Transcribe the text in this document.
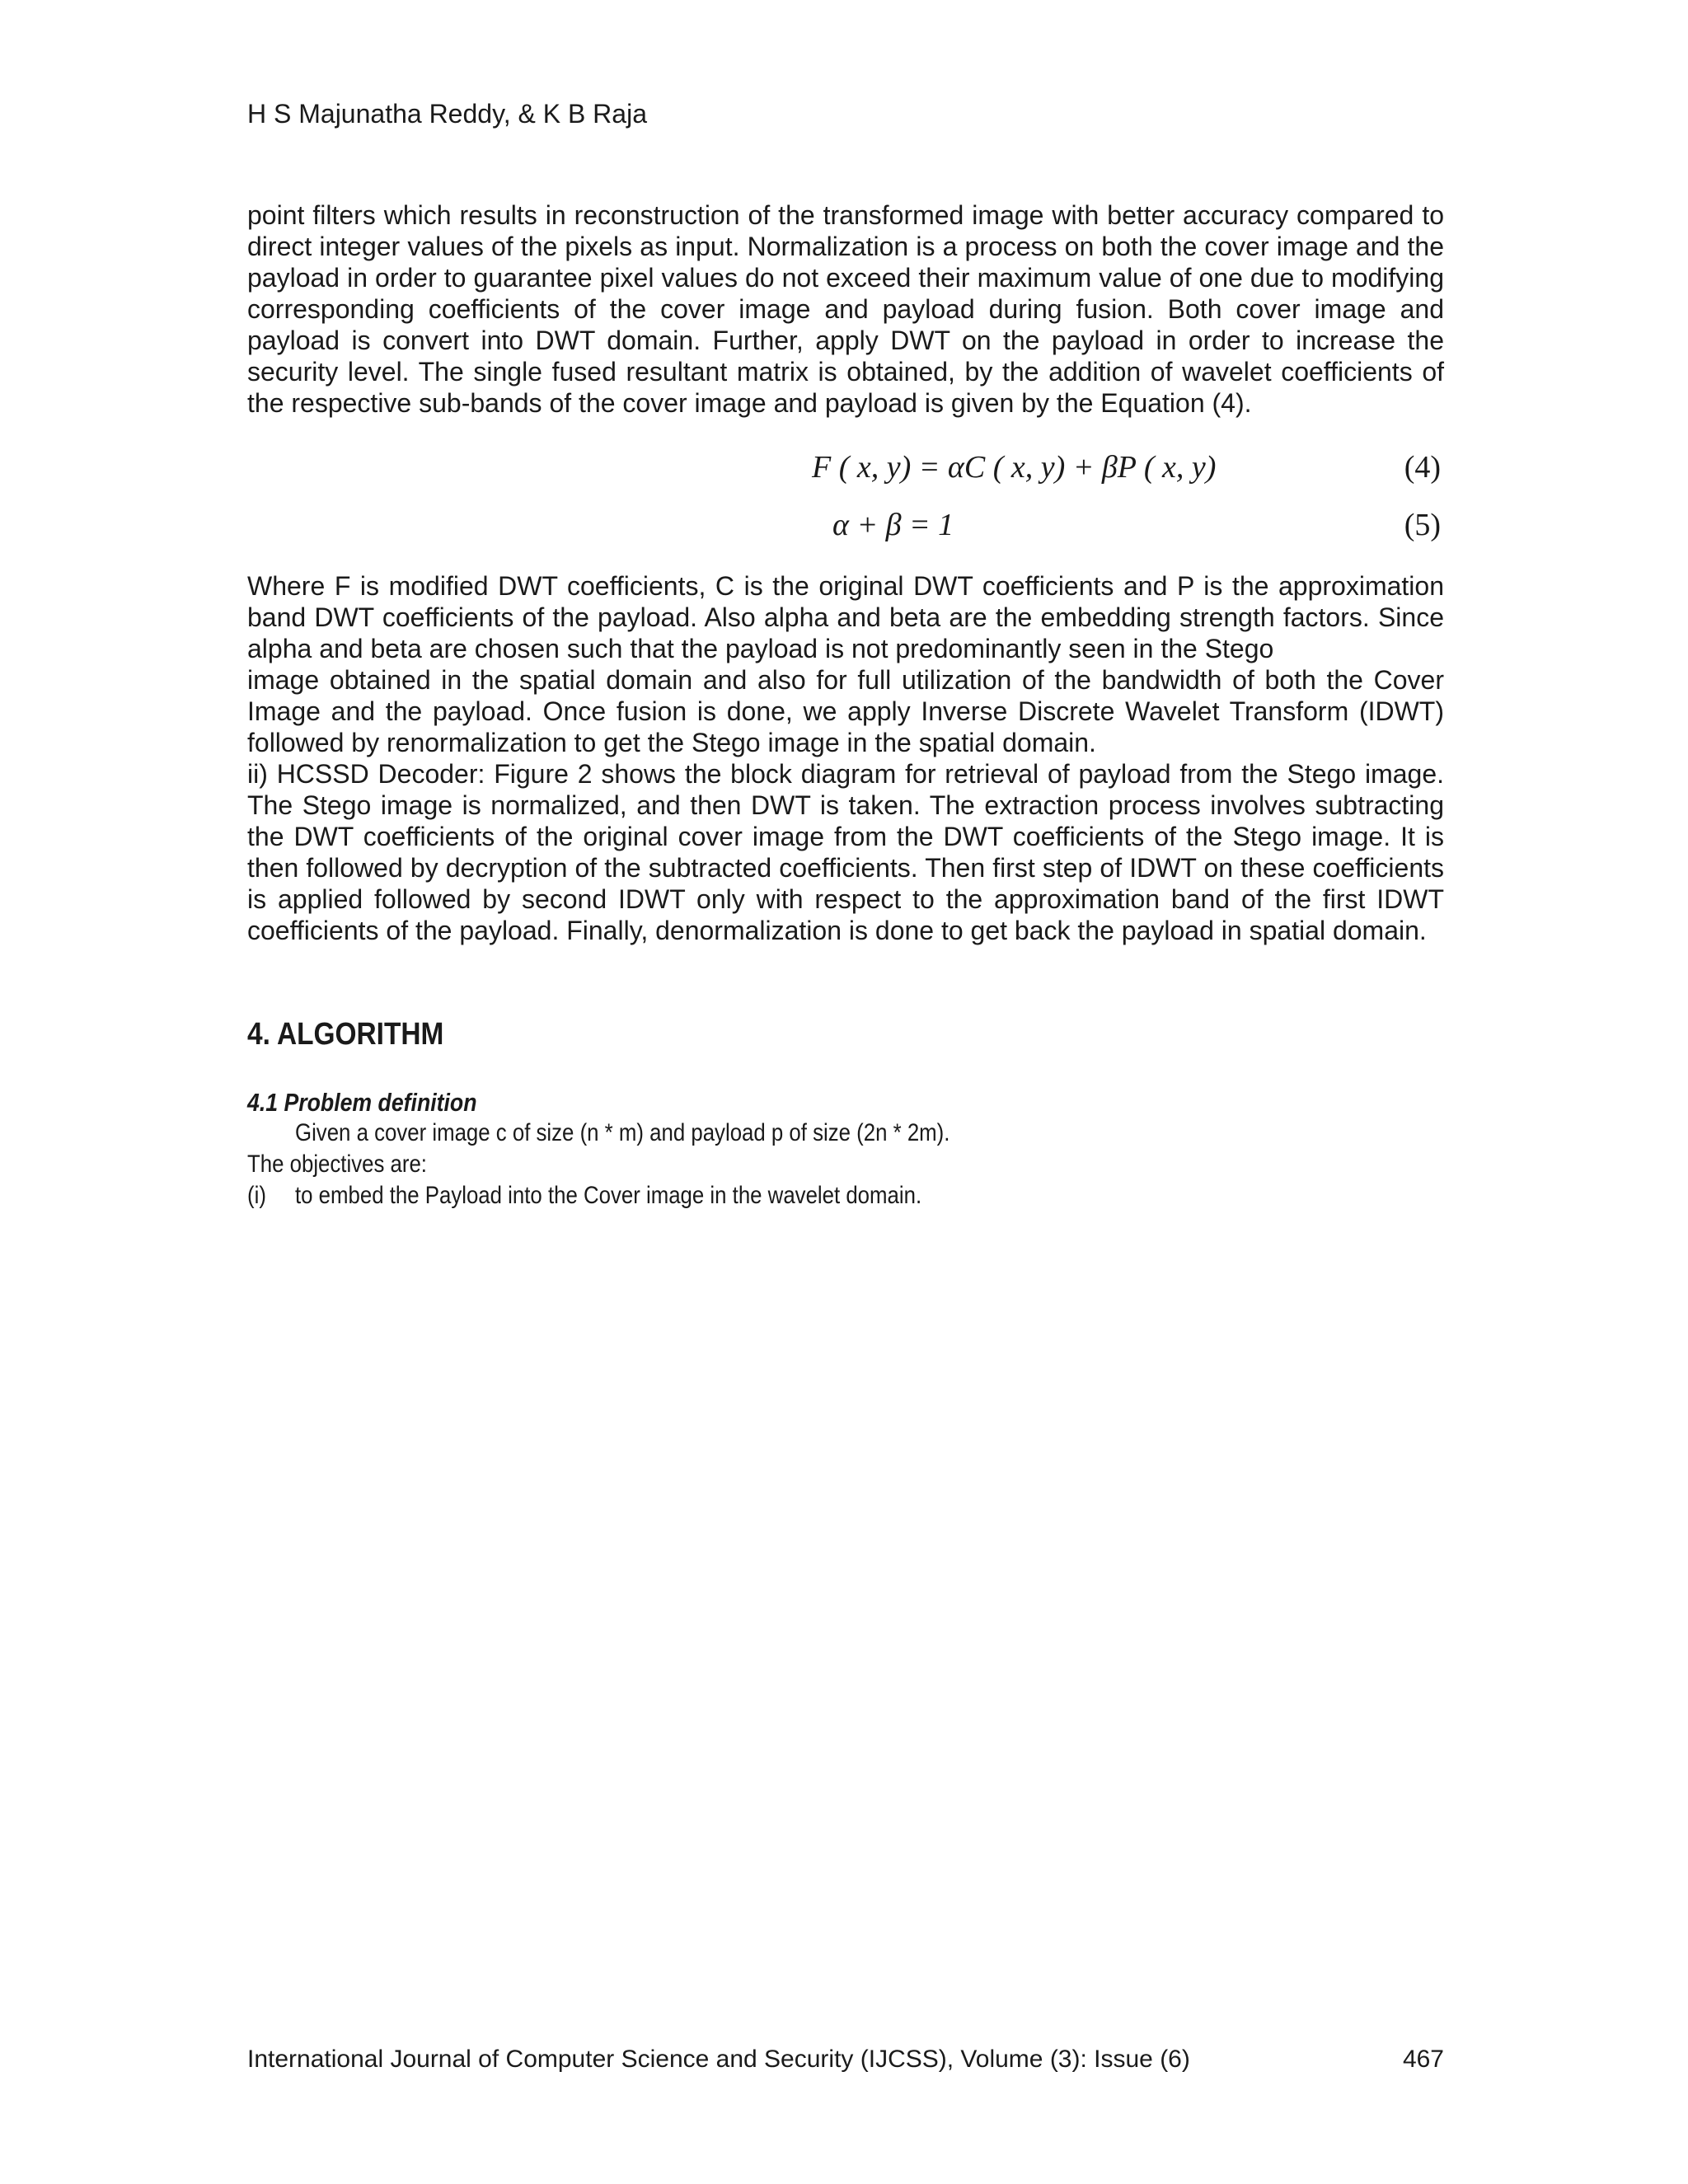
H S Majunatha Reddy, & K B Raja

point filters which results in reconstruction of the transformed image with better accuracy compared to direct integer values of the pixels as input. Normalization is a process on both the cover image and the payload in order to guarantee pixel values do not exceed their maximum value of one due to modifying corresponding coefficients of the cover image and payload during fusion. Both cover image and payload is convert into DWT domain. Further, apply DWT on the payload in order to increase the security level. The single fused resultant matrix is obtained, by the addition of wavelet coefficients of the respective sub-bands of the cover image and payload is given by the Equation (4).

F ( x, y) = αC ( x, y) + βP ( x, y)	(4)
α + β = 1	(5)

Where F is modified DWT coefficients, C is the original DWT coefficients and P is the approximation band DWT coefficients of the payload. Also alpha and beta are the embedding strength factors. Since alpha and beta are chosen such that the payload is not predominantly seen in the Stego

image obtained in the spatial domain and also for full utilization of the bandwidth of both the Cover Image and the payload. Once fusion is done, we apply Inverse Discrete Wavelet Transform (IDWT) followed by renormalization to get the Stego image in the spatial domain.

ii) HCSSD Decoder: Figure 2 shows the block diagram for retrieval of payload from the Stego image. The Stego image is normalized, and then DWT is taken. The extraction process involves subtracting the DWT coefficients of the original cover image from the DWT coefficients of the Stego image. It is then followed by decryption of the subtracted coefficients. Then first step of IDWT on these coefficients is applied followed by second IDWT only with respect to the approximation band of the first IDWT coefficients of the payload. Finally, denormalization is done to get back the payload in spatial domain.

4. ALGORITHM
4.1 Problem definition
Given a cover image c of size (n * m) and payload p of size (2n * 2m).
The objectives are:
(i) to embed the Payload into the Cover image in the wavelet domain.
International Journal of Computer Science and Security (IJCSS), Volume (3): Issue (6)	467
